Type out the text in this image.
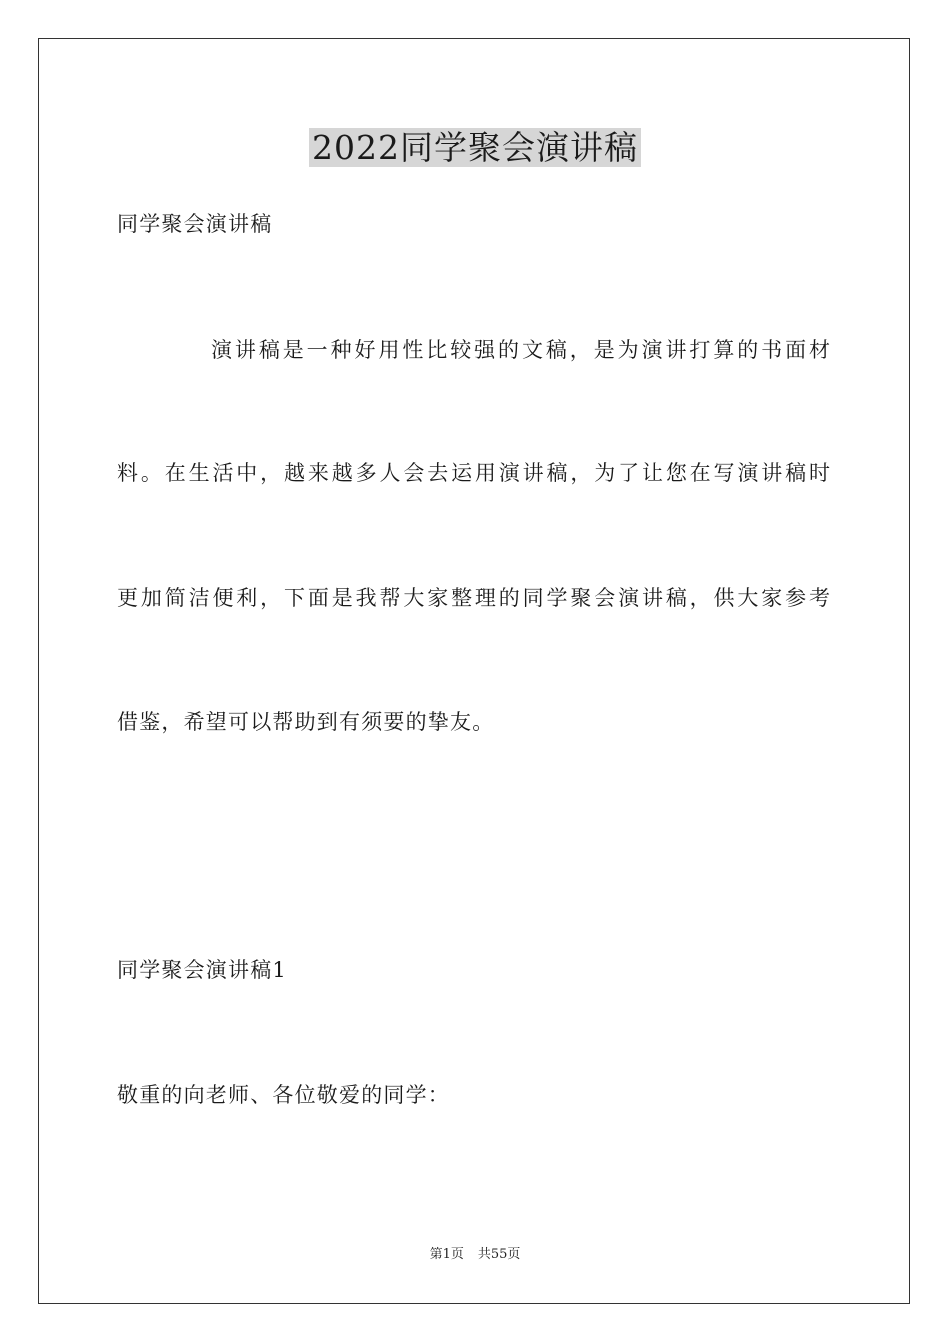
2022同学聚会演讲稿

同学聚会演讲稿

演讲稿是一种好用性比较强的文稿，是为演讲打算的书面材

料。在生活中，越来越多人会去运用演讲稿，为了让您在写演讲稿时

更加简洁便利，下面是我帮大家整理的同学聚会演讲稿，供大家参考

借鉴，希望可以帮助到有须要的挚友。

同学聚会演讲稿1

敬重的向老师、各位敬爱的同学：

第1页 共55页
